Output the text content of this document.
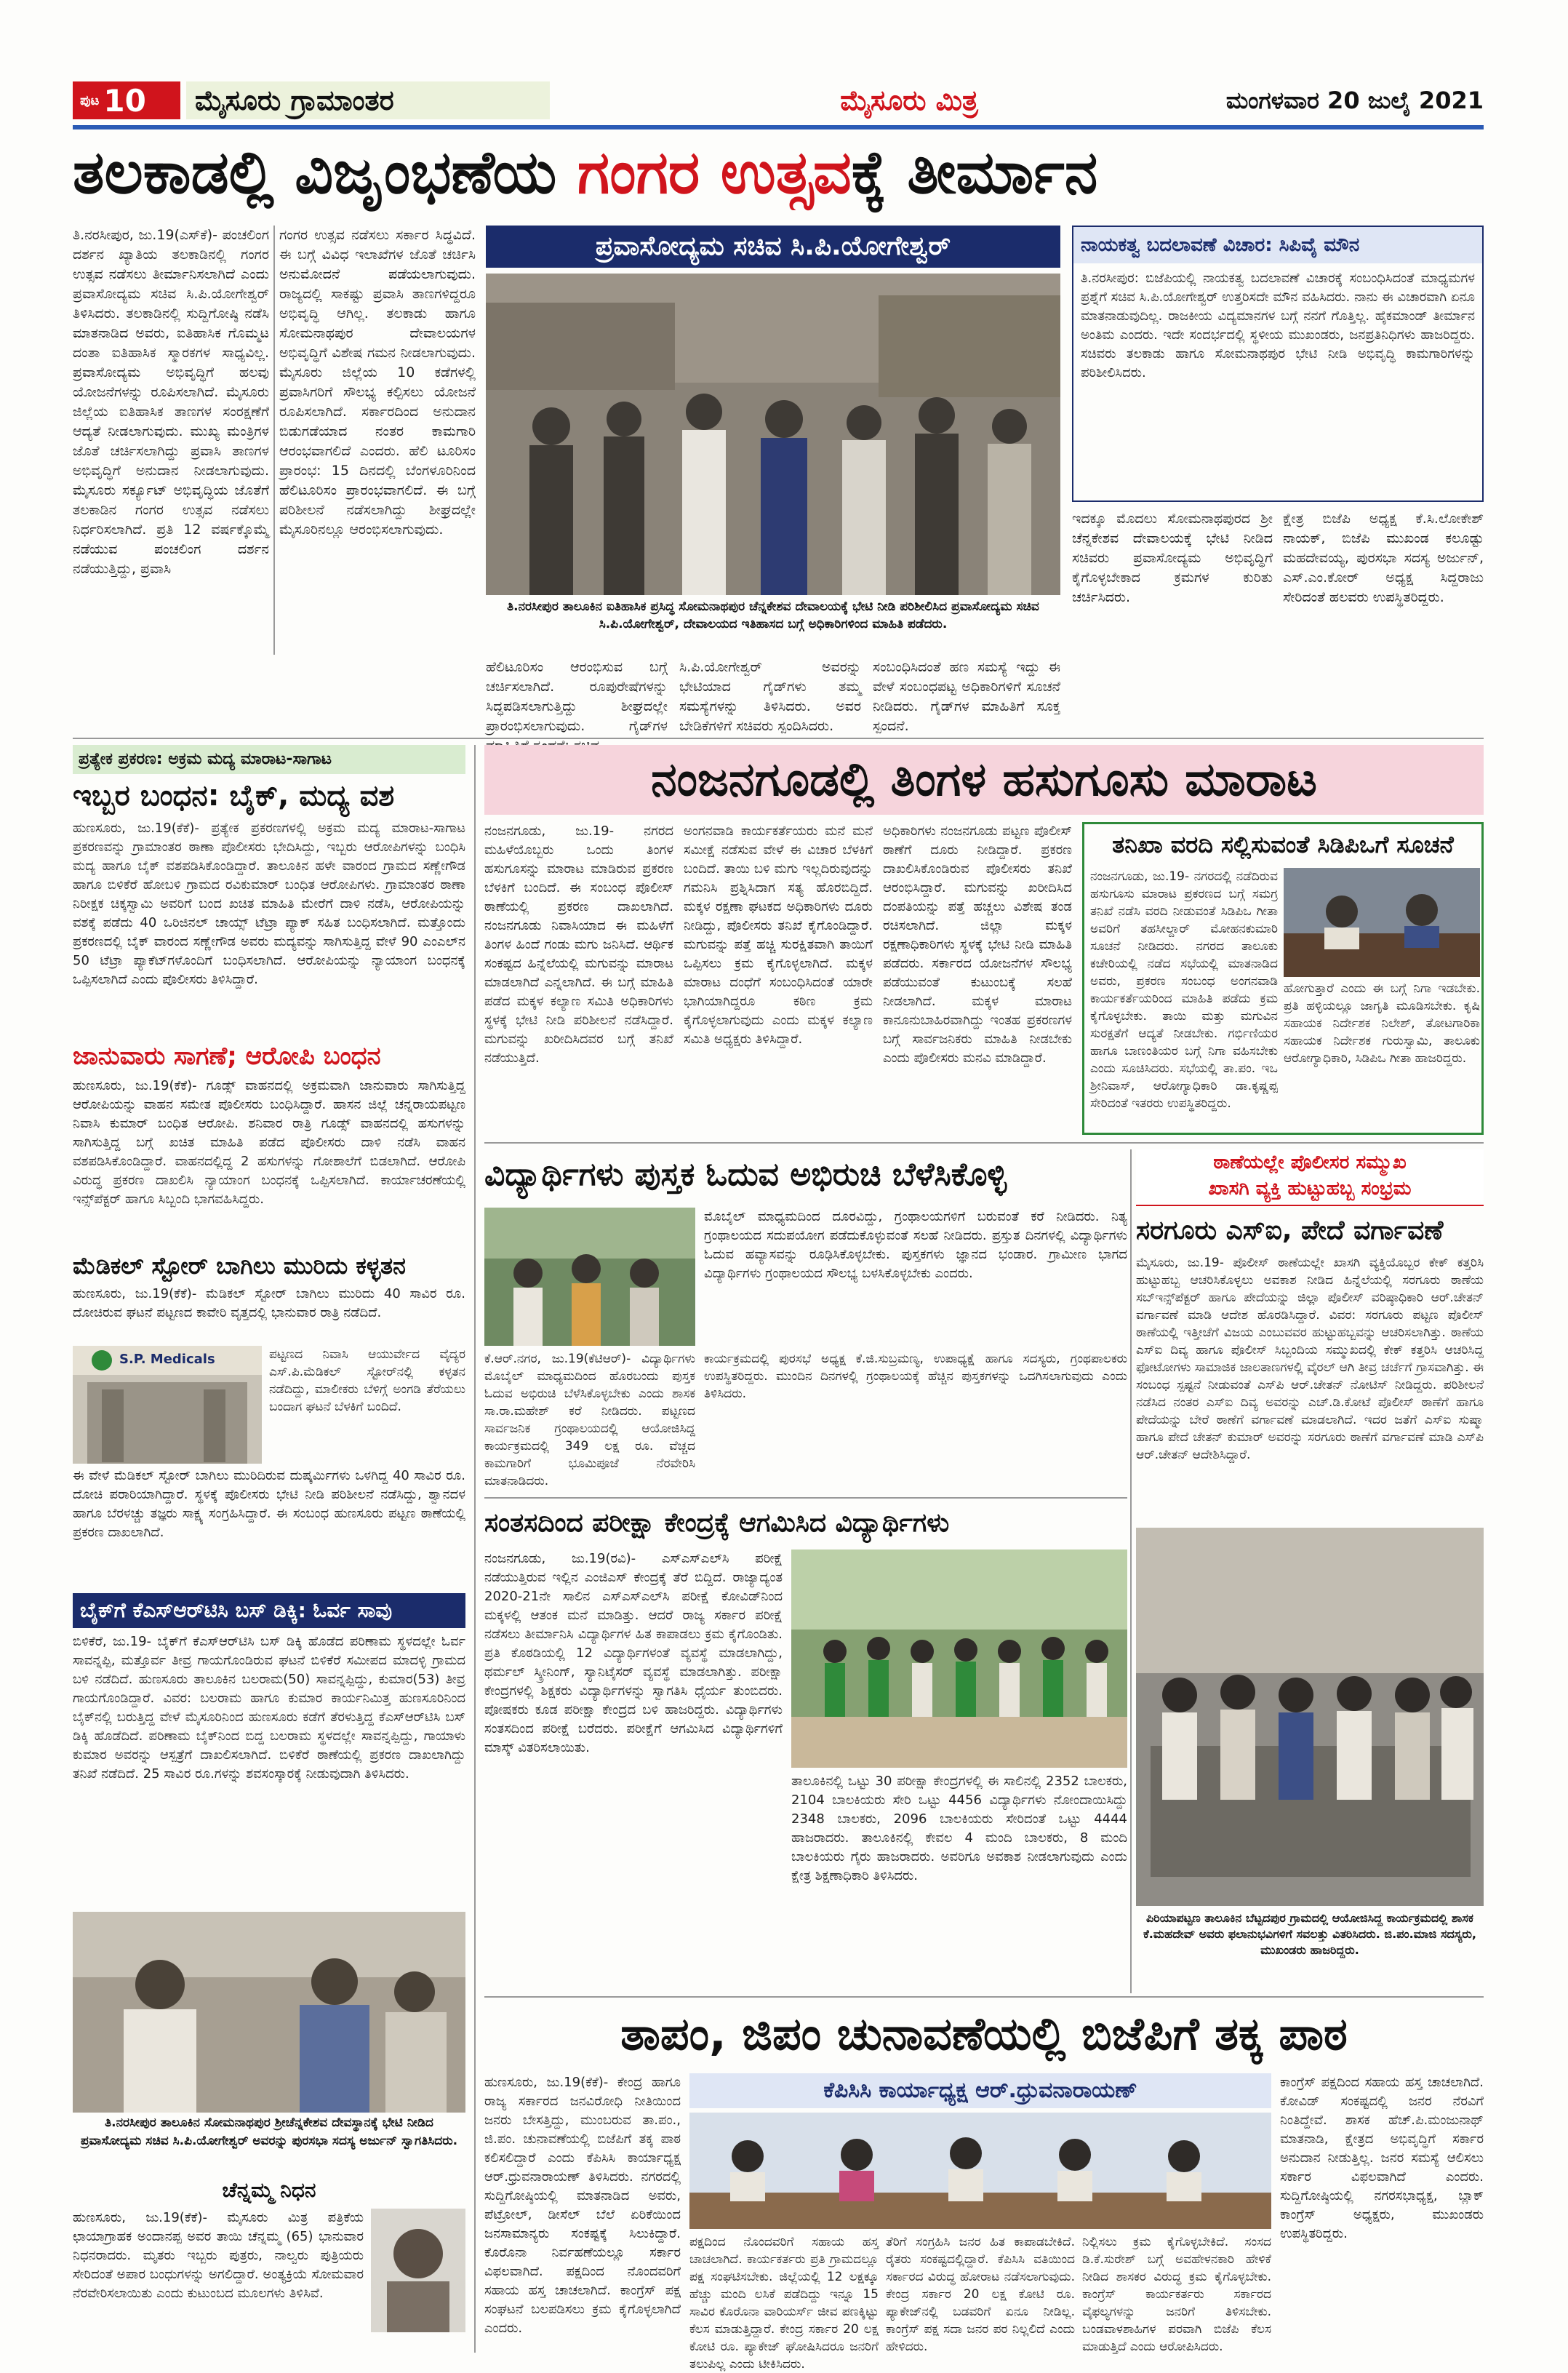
ಪುಟ 10	ಮೈಸೂರು ಗ್ರಾಮಾಂತರ	ಮೈಸೂರು ಮಿತ್ರ	ಮಂಗಳವಾರ 20 ಜುಲೈ 2021
ತಲಕಾಡಲ್ಲಿ ವಿಜೃಂಭಣೆಯ ಗಂಗರ ಉತ್ಸವಕ್ಕೆ ತೀರ್ಮಾನ
ತಿ.ನರಸೀಪುರ, ಜು.19(ಎಸ್‌ಕೆ)- ಪಂಚಲಿಂಗ ದರ್ಶನ ಖ್ಯಾತಿಯ ತಲಕಾಡಿನಲ್ಲಿ ಗಂಗರ ಉತ್ಸವ ನಡೆಸಲು ತೀರ್ಮಾನಿಸಲಾಗಿದೆ ಎಂದು ಪ್ರವಾಸೋದ್ಯಮ ಸಚಿವ ಸಿ.ಪಿ.ಯೋಗೇಶ್ವರ್ ತಿಳಿಸಿದರು. ತಲಕಾಡಿನಲ್ಲಿ ಸುದ್ದಿಗೋಷ್ಠಿ ನಡೆಸಿ ಮಾತನಾಡಿದ ಅವರು, ಐತಿಹಾಸಿಕ ಗೊಮ್ಮಟ ದಂತಾ ಐತಿಹಾಸಿಕ ಸ್ಮಾರಕಗಳ ಸಾಧ್ಯವಿಲ್ಲ. ಪ್ರವಾಸೋದ್ಯಮ ಅಭಿವೃದ್ಧಿಗೆ ಹಲವು ಯೋಜನೆಗಳನ್ನು ರೂಪಿಸಲಾಗಿದೆ. ಮೈಸೂರು ಜಿಲ್ಲೆಯ ಐತಿಹಾಸಿಕ ತಾಣಗಳ ಸಂರಕ್ಷಣೆಗೆ ಆದ್ಯತೆ ನೀಡಲಾಗುವುದು. ಮುಖ್ಯ ಮಂತ್ರಿಗಳ ಜೊತೆ ಚರ್ಚಿಸಲಾಗಿದ್ದು ಪ್ರವಾಸಿ ತಾಣಗಳ ಅಭಿವೃದ್ಧಿಗೆ ಅನುದಾನ ನೀಡಲಾಗುವುದು. ಮೈಸೂರು ಸರ್ಕ್ಯೂಟ್ ಅಭಿವೃದ್ಧಿಯ ಜೊತೆಗೆ ತಲಕಾಡಿನ ಗಂಗರ ಉತ್ಸವ ನಡೆಸಲು ನಿರ್ಧರಿಸಲಾಗಿದೆ. ಪ್ರತಿ 12 ವರ್ಷಕ್ಕೊಮ್ಮೆ ನಡೆಯುವ ಪಂಚಲಿಂಗ ದರ್ಶನ ನಡೆಯುತ್ತಿದ್ದು, ಪ್ರವಾಸಿ
ಗಂಗರ ಉತ್ಸವ ನಡೆಸಲು ಸರ್ಕಾರ ಸಿದ್ಧವಿದೆ. ಈ ಬಗ್ಗೆ ವಿವಿಧ ಇಲಾಖೆಗಳ ಜೊತೆ ಚರ್ಚಿಸಿ ಅನುಮೋದನೆ ಪಡೆಯಲಾಗುವುದು. ರಾಜ್ಯದಲ್ಲಿ ಸಾಕಷ್ಟು ಪ್ರವಾಸಿ ತಾಣಗಳಿದ್ದರೂ ಅಭಿವೃದ್ಧಿ ಆಗಿಲ್ಲ. ತಲಕಾಡು ಹಾಗೂ ಸೋಮನಾಥಪುರ ದೇವಾಲಯಗಳ ಅಭಿವೃದ್ಧಿಗೆ ವಿಶೇಷ ಗಮನ ನೀಡಲಾಗುವುದು. ಮೈಸೂರು ಜಿಲ್ಲೆಯ 10 ಕಡೆಗಳಲ್ಲಿ ಪ್ರವಾಸಿಗರಿಗೆ ಸೌಲಭ್ಯ ಕಲ್ಪಿಸಲು ಯೋಜನೆ ರೂಪಿಸಲಾಗಿದೆ. ಸರ್ಕಾರದಿಂದ ಅನುದಾನ ಬಿಡುಗಡೆಯಾದ ನಂತರ ಕಾಮಗಾರಿ ಆರಂಭವಾಗಲಿದೆ ಎಂದರು. ಹೆಲಿ ಟೂರಿಸಂ ಪ್ರಾರಂಭ: 15 ದಿನದಲ್ಲಿ ಬೆಂಗಳೂರಿನಿಂದ ಹೆಲಿಟೂರಿಸಂ ಪ್ರಾರಂಭವಾಗಲಿದೆ. ಈ ಬಗ್ಗೆ ಪರಿಶೀಲನೆ ನಡೆಸಲಾಗಿದ್ದು ಶೀಘ್ರದಲ್ಲೇ ಮೈಸೂರಿನಲ್ಲೂ ಆರಂಭಿಸಲಾಗುವುದು.
ಪ್ರವಾಸೋದ್ಯಮ ಸಚಿವ ಸಿ.ಪಿ.ಯೋಗೇಶ್ವರ್
ತಿ.ನರಸೀಪುರ ತಾಲೂಕಿನ ಐತಿಹಾಸಿಕ ಪ್ರಸಿದ್ಧ ಸೋಮನಾಥಪುರ ಚೆನ್ನಕೇಶವ ದೇವಾಲಯಕ್ಕೆ ಭೇಟಿ ನೀಡಿ ಪರಿಶೀಲಿಸಿದ ಪ್ರವಾಸೋದ್ಯಮ ಸಚಿವ ಸಿ.ಪಿ.ಯೋಗೇಶ್ವರ್, ದೇವಾಲಯದ ಇತಿಹಾಸದ ಬಗ್ಗೆ ಅಧಿಕಾರಿಗಳಿಂದ ಮಾಹಿತಿ ಪಡೆದರು.
ಹೆಲಿಟೂರಿಸಂ ಆರಂಭಿಸುವ ಬಗ್ಗೆ ಚರ್ಚಿಸಲಾಗಿದೆ. ರೂಪುರೇಷೆಗಳನ್ನು ಸಿದ್ಧಪಡಿಸಲಾಗುತ್ತಿದ್ದು ಶೀಘ್ರದಲ್ಲೇ ಪ್ರಾರಂಭಿಸಲಾಗುವುದು. ಗೈಡ್‌ಗಳ
ಸಿ.ಪಿ.ಯೋಗೇಶ್ವರ್ ಅವರನ್ನು ಭೇಟಿಯಾದ ಗೈಡ್‌ಗಳು ತಮ್ಮ ಸಮಸ್ಯೆಗಳನ್ನು ತಿಳಿಸಿದರು. ಅವರ ಬೇಡಿಕೆಗಳಿಗೆ ಸಚಿವರು ಸ್ಪಂದಿಸಿದರು.
ಸಂಬಂಧಿಸಿದಂತೆ ಹಣ ಸಮಸ್ಯೆ ಇದ್ದು ಈ ವೇಳೆ ಸಂಬಂಧಪಟ್ಟ ಅಧಿಕಾರಿಗಳಿಗೆ ಸೂಚನೆ ನೀಡಿದರು. ಗೈಡ್‌ಗಳ ಮಾಹಿತಿಗೆ ಸೂಕ್ತ ಸ್ಪಂದನೆ.
ನಾಯಕತ್ವ ಬದಲಾವಣೆ ವಿಚಾರ: ಸಿಪಿವೈ ಮೌನ
ತಿ.ನರಸೀಪುರ: ಬಿಜೆಪಿಯಲ್ಲಿ ನಾಯಕತ್ವ ಬದಲಾವಣೆ ವಿಚಾರಕ್ಕೆ ಸಂಬಂಧಿಸಿದಂತೆ ಮಾಧ್ಯಮಗಳ ಪ್ರಶ್ನೆಗೆ ಸಚಿವ ಸಿ.ಪಿ.ಯೋಗೇಶ್ವರ್ ಉತ್ತರಿಸದೇ ಮೌನ ವಹಿಸಿದರು. ನಾನು ಈ ವಿಚಾರವಾಗಿ ಏನೂ ಮಾತನಾಡುವುದಿಲ್ಲ. ರಾಜಕೀಯ ವಿದ್ಯಮಾನಗಳ ಬಗ್ಗೆ ನನಗೆ ಗೊತ್ತಿಲ್ಲ. ಹೈಕಮಾಂಡ್ ತೀರ್ಮಾನ ಅಂತಿಮ ಎಂದರು. ಇದೇ ಸಂದರ್ಭದಲ್ಲಿ ಸ್ಥಳೀಯ ಮುಖಂಡರು, ಜನಪ್ರತಿನಿಧಿಗಳು ಹಾಜರಿದ್ದರು. ಸಚಿವರು ತಲಕಾಡು ಹಾಗೂ ಸೋಮನಾಥಪುರ ಭೇಟಿ ನೀಡಿ ಅಭಿವೃದ್ಧಿ ಕಾಮಗಾರಿಗಳನ್ನು ಪರಿಶೀಲಿಸಿದರು.
ಇದಕ್ಕೂ ಮೊದಲು ಸೋಮನಾಥಪುರದ ಶ್ರೀ ಚೆನ್ನಕೇಶವ ದೇವಾಲಯಕ್ಕೆ ಭೇಟಿ ನೀಡಿದ ಸಚಿವರು ಪ್ರವಾಸೋದ್ಯಮ ಅಭಿವೃದ್ಧಿಗೆ ಕೈಗೊಳ್ಳಬೇಕಾದ ಕ್ರಮಗಳ ಕುರಿತು ಚರ್ಚಿಸಿದರು.
ಕ್ಷೇತ್ರ ಬಿಜೆಪಿ ಅಧ್ಯಕ್ಷ ಕೆ.ಸಿ.ಲೋಕೇಶ್ ನಾಯಕ್, ಬಿಜೆಪಿ ಮುಖಂಡ ಕಲೂಡ್ಟು ಮಹದೇವಯ್ಯ, ಪುರಸಭಾ ಸದಸ್ಯ ಅರ್ಜುನ್, ಎಸ್.ಎಂ.ಕೋರ್ ಅಧ್ಯಕ್ಷ ಸಿದ್ದರಾಜು ಸೇರಿದಂತೆ ಹಲವರು ಉಪಸ್ಥಿತರಿದ್ದರು.
ಪ್ರತ್ಯೇಕ ಪ್ರಕರಣ: ಅಕ್ರಮ ಮದ್ಯ ಮಾರಾಟ-ಸಾಗಾಟ
ಇಬ್ಬರ ಬಂಧನ: ಬೈಕ್, ಮದ್ಯ ವಶ
ಹುಣಸೂರು, ಜು.19(ಕೆಕೆ)- ಪ್ರತ್ಯೇಕ ಪ್ರಕರಣಗಳಲ್ಲಿ ಅಕ್ರಮ ಮದ್ಯ ಮಾರಾಟ-ಸಾಗಾಟ ಪ್ರಕರಣವನ್ನು ಗ್ರಾಮಾಂತರ ಠಾಣಾ ಪೊಲೀಸರು ಭೇದಿಸಿದ್ದು, ಇಬ್ಬರು ಆರೋಪಿಗಳನ್ನು ಬಂಧಿಸಿ ಮದ್ಯ ಹಾಗೂ ಬೈಕ್ ವಶಪಡಿಸಿಕೊಂಡಿದ್ದಾರೆ. ತಾಲೂಕಿನ ಹಳೇ ವಾರಂದ ಗ್ರಾಮದ ಸಣ್ಣೇಗೌಡ ಹಾಗೂ ಬಿಳಿಕೆರೆ ಹೋಬಳಿ ಗ್ರಾಮದ ರವಿಕುಮಾರ್ ಬಂಧಿತ ಆರೋಪಿಗಳು. ಗ್ರಾಮಾಂತರ ಠಾಣಾ ನಿರೀಕ್ಷಕ ಚಿಕ್ಕಸ್ವಾಮಿ ಅವರಿಗೆ ಬಂದ ಖಚಿತ ಮಾಹಿತಿ ಮೇರೆಗೆ ದಾಳಿ ನಡೆಸಿ, ಆರೋಪಿಯನ್ನು ವಶಕ್ಕೆ ಪಡೆದು 40 ಒರಿಜಿನಲ್ ಚಾಯ್ಸ್ ಟೆಟ್ರಾ ಪ್ಯಾಕ್ ಸಹಿತ ಬಂಧಿಸಲಾಗಿದೆ. ಮತ್ತೊಂದು ಪ್ರಕರಣದಲ್ಲಿ ಬೈಕ್ ವಾರಂದ ಸಣ್ಣೇಗೌಡ ಅವರು ಮದ್ಯವನ್ನು ಸಾಗಿಸುತ್ತಿದ್ದ ವೇಳೆ 90 ಎಂಎಲ್‌ನ 50 ಟೆಟ್ರಾ ಪ್ಯಾಕೆಟ್‌ಗಳೊಂದಿಗೆ ಬಂಧಿಸಲಾಗಿದೆ. ಆರೋಪಿಯನ್ನು ನ್ಯಾಯಾಂಗ ಬಂಧನಕ್ಕೆ ಒಪ್ಪಿಸಲಾಗಿದೆ ಎಂದು ಪೊಲೀಸರು ತಿಳಿಸಿದ್ದಾರೆ.
ಜಾನುವಾರು ಸಾಗಣೆ; ಆರೋಪಿ ಬಂಧನ
ಹುಣಸೂರು, ಜು.19(ಕೆಕೆ)- ಗೂಡ್ಸ್ ವಾಹನದಲ್ಲಿ ಅಕ್ರಮವಾಗಿ ಜಾನುವಾರು ಸಾಗಿಸುತ್ತಿದ್ದ ಆರೋಪಿಯನ್ನು ವಾಹನ ಸಮೇತ ಪೊಲೀಸರು ಬಂಧಿಸಿದ್ದಾರೆ. ಹಾಸನ ಜಿಲ್ಲೆ ಚನ್ನರಾಯಪಟ್ಟಣ ನಿವಾಸಿ ಕುಮಾರ್ ಬಂಧಿತ ಆರೋಪಿ. ಶನಿವಾರ ರಾತ್ರಿ ಗೂಡ್ಸ್ ವಾಹನದಲ್ಲಿ ಹಸುಗಳನ್ನು ಸಾಗಿಸುತ್ತಿದ್ದ ಬಗ್ಗೆ ಖಚಿತ ಮಾಹಿತಿ ಪಡೆದ ಪೊಲೀಸರು ದಾಳಿ ನಡೆಸಿ ವಾಹನ ವಶಪಡಿಸಿಕೊಂಡಿದ್ದಾರೆ. ವಾಹನದಲ್ಲಿದ್ದ 2 ಹಸುಗಳನ್ನು ಗೋಶಾಲೆಗೆ ಬಿಡಲಾಗಿದೆ. ಆರೋಪಿ ವಿರುದ್ಧ ಪ್ರಕರಣ ದಾಖಲಿಸಿ ನ್ಯಾಯಾಂಗ ಬಂಧನಕ್ಕೆ ಒಪ್ಪಿಸಲಾಗಿದೆ. ಕಾರ್ಯಾಚರಣೆಯಲ್ಲಿ ಇನ್ಸ್‌ಪೆಕ್ಟರ್ ಹಾಗೂ ಸಿಬ್ಬಂದಿ ಭಾಗವಹಿಸಿದ್ದರು.
ಮೆಡಿಕಲ್ ಸ್ಟೋರ್ ಬಾಗಿಲು ಮುರಿದು ಕಳ್ಳತನ
ಹುಣಸೂರು, ಜು.19(ಕೆಕೆ)- ಮೆಡಿಕಲ್ ಸ್ಟೋರ್ ಬಾಗಿಲು ಮುರಿದು 40 ಸಾವಿರ ರೂ. ದೋಚಿರುವ ಘಟನೆ ಪಟ್ಟಣದ ಕಾವೇರಿ ವೃತ್ತದಲ್ಲಿ ಭಾನುವಾರ ರಾತ್ರಿ ನಡೆದಿದೆ.
S.P. Medicals	ಪಟ್ಟಣದ ನಿವಾಸಿ ಆಯುರ್ವೇದ ವೈದ್ಯರ ಎಸ್.ಪಿ.ಮೆಡಿಕಲ್ ಸ್ಟೋರ್‌ನಲ್ಲಿ ಕಳ್ಳತನ ನಡೆದಿದ್ದು, ಮಾಲೀಕರು ಬೆಳಿಗ್ಗೆ ಅಂಗಡಿ ತೆರೆಯಲು ಬಂದಾಗ ಘಟನೆ ಬೆಳಕಿಗೆ ಬಂದಿದೆ.
ಈ ವೇಳೆ ಮೆಡಿಕಲ್ ಸ್ಟೋರ್ ಬಾಗಿಲು ಮುರಿದಿರುವ ದುಷ್ಕರ್ಮಿಗಳು ಒಳಗಿದ್ದ 40 ಸಾವಿರ ರೂ. ದೋಚಿ ಪರಾರಿಯಾಗಿದ್ದಾರೆ. ಸ್ಥಳಕ್ಕೆ ಪೊಲೀಸರು ಭೇಟಿ ನೀಡಿ ಪರಿಶೀಲನೆ ನಡೆಸಿದ್ದು, ಶ್ವಾನದಳ ಹಾಗೂ ಬೆರಳಚ್ಚು ತಜ್ಞರು ಸಾಕ್ಷ್ಯ ಸಂಗ್ರಹಿಸಿದ್ದಾರೆ. ಈ ಸಂಬಂಧ ಹುಣಸೂರು ಪಟ್ಟಣ ಠಾಣೆಯಲ್ಲಿ ಪ್ರಕರಣ ದಾಖಲಾಗಿದೆ.
ಬೈಕ್‌ಗೆ ಕೆಎಸ್‌ಆರ್‌ಟಿಸಿ ಬಸ್ ಡಿಕ್ಕಿ: ಓರ್ವ ಸಾವು
ಬಿಳಿಕೆರೆ, ಜು.19- ಬೈಕ್‌ಗೆ ಕೆಎಸ್‌ಆರ್‌ಟಿಸಿ ಬಸ್ ಡಿಕ್ಕಿ ಹೊಡೆದ ಪರಿಣಾಮ ಸ್ಥಳದಲ್ಲೇ ಓರ್ವ ಸಾವನ್ನಪ್ಪಿ, ಮತ್ತೊರ್ವ ತೀವ್ರ ಗಾಯಗೊಂಡಿರುವ ಘಟನೆ ಬಿಳಿಕೆರೆ ಸಮೀಪದ ಮಾದಳ್ಳಿ ಗ್ರಾಮದ ಬಳಿ ನಡೆದಿದೆ. ಹುಣಸೂರು ತಾಲೂಕಿನ ಬಲರಾಮ(50) ಸಾವನ್ನಪ್ಪಿದ್ದು, ಕುಮಾರ(53) ತೀವ್ರ ಗಾಯಗೊಂಡಿದ್ದಾರೆ. ವಿವರ: ಬಲರಾಮ ಹಾಗೂ ಕುಮಾರ ಕಾರ್ಯನಿಮಿತ್ತ ಹುಣಸೂರಿನಿಂದ ಬೈಕ್‌ನಲ್ಲಿ ಬರುತ್ತಿದ್ದ ವೇಳೆ ಮೈಸೂರಿನಿಂದ ಹುಣಸೂರು ಕಡೆಗೆ ತೆರಳುತ್ತಿದ್ದ ಕೆಎಸ್‌ಆರ್‌ಟಿಸಿ ಬಸ್ ಡಿಕ್ಕಿ ಹೊಡೆದಿದೆ. ಪರಿಣಾಮ ಬೈಕ್‌ನಿಂದ ಬಿದ್ದ ಬಲರಾಮ ಸ್ಥಳದಲ್ಲೇ ಸಾವನ್ನಪ್ಪಿದ್ದು, ಗಾಯಾಳು ಕುಮಾರ ಅವರನ್ನು ಆಸ್ಪತ್ರೆಗೆ ದಾಖಲಿಸಲಾಗಿದೆ. ಬಿಳಿಕೆರೆ ಠಾಣೆಯಲ್ಲಿ ಪ್ರಕರಣ ದಾಖಲಾಗಿದ್ದು ತನಿಖೆ ನಡೆದಿದೆ. 25 ಸಾವಿರ ರೂ.ಗಳನ್ನು ಶವಸಂಸ್ಕಾರಕ್ಕೆ ನೀಡುವುದಾಗಿ ತಿಳಿಸಿದರು.
ತಿ.ನರಸೀಪುರ ತಾಲೂಕಿನ ಸೋಮನಾಥಪುರ ಶ್ರೀಚೆನ್ನಕೇಶವ ದೇವಸ್ಥಾನಕ್ಕೆ ಭೇಟಿ ನೀಡಿದ ಪ್ರವಾಸೋದ್ಯಮ ಸಚಿವ ಸಿ.ಪಿ.ಯೋಗೇಶ್ವರ್ ಅವರನ್ನು ಪುರಸಭಾ ಸದಸ್ಯ ಅರ್ಜುನ್ ಸ್ವಾಗತಿಸಿದರು.
ಚೆನ್ನಮ್ಮ ನಿಧನ
ಹುಣಸೂರು, ಜು.19(ಕೆಕೆ)- ಮೈಸೂರು ಮಿತ್ರ ಪತ್ರಿಕೆಯ ಛಾಯಾಗ್ರಾಹಕ ಅಂದಾನಪ್ಪ ಅವರ ತಾಯಿ ಚೆನ್ನಮ್ಮ (65) ಭಾನುವಾರ ನಿಧನರಾದರು. ಮೃತರು ಇಬ್ಬರು ಪುತ್ರರು, ನಾಲ್ವರು ಪುತ್ರಿಯರು ಸೇರಿದಂತೆ ಅಪಾರ ಬಂಧುಗಳನ್ನು ಅಗಲಿದ್ದಾರೆ. ಅಂತ್ಯಕ್ರಿಯೆ ಸೋಮವಾರ ನೆರವೇರಿಸಲಾಯಿತು ಎಂದು ಕುಟುಂಬದ ಮೂಲಗಳು ತಿಳಿಸಿವೆ.
ನಂಜನಗೂಡಲ್ಲಿ ತಿಂಗಳ ಹಸುಗೂಸು ಮಾರಾಟ
ನಂಜನಗೂಡು, ಜು.19- ನಗರದ ಮಹಿಳೆಯೊಬ್ಬರು ಒಂದು ತಿಂಗಳ ಹಸುಗೂಸನ್ನು ಮಾರಾಟ ಮಾಡಿರುವ ಪ್ರಕರಣ ಬೆಳಕಿಗೆ ಬಂದಿದೆ. ಈ ಸಂಬಂಧ ಪೊಲೀಸ್ ಠಾಣೆಯಲ್ಲಿ ಪ್ರಕರಣ ದಾಖಲಾಗಿದೆ. ನಂಜನಗೂಡು ನಿವಾಸಿಯಾದ ಈ ಮಹಿಳೆಗೆ ತಿಂಗಳ ಹಿಂದೆ ಗಂಡು ಮಗು ಜನಿಸಿದೆ. ಆರ್ಥಿಕ ಸಂಕಷ್ಟದ ಹಿನ್ನೆಲೆಯಲ್ಲಿ ಮಗುವನ್ನು ಮಾರಾಟ ಮಾಡಲಾಗಿದೆ ಎನ್ನಲಾಗಿದೆ. ಈ ಬಗ್ಗೆ ಮಾಹಿತಿ ಪಡೆದ ಮಕ್ಕಳ ಕಲ್ಯಾಣ ಸಮಿತಿ ಅಧಿಕಾರಿಗಳು ಸ್ಥಳಕ್ಕೆ ಭೇಟಿ ನೀಡಿ ಪರಿಶೀಲನೆ ನಡೆಸಿದ್ದಾರೆ. ಮಗುವನ್ನು ಖರೀದಿಸಿದವರ ಬಗ್ಗೆ ತನಿಖೆ ನಡೆಯುತ್ತಿದೆ.
ಅಂಗನವಾಡಿ ಕಾರ್ಯಕರ್ತೆಯರು ಮನೆ ಮನೆ ಸಮೀಕ್ಷೆ ನಡೆಸುವ ವೇಳೆ ಈ ವಿಚಾರ ಬೆಳಕಿಗೆ ಬಂದಿದೆ. ತಾಯಿ ಬಳಿ ಮಗು ಇಲ್ಲದಿರುವುದನ್ನು ಗಮನಿಸಿ ಪ್ರಶ್ನಿಸಿದಾಗ ಸತ್ಯ ಹೊರಬಿದ್ದಿದೆ. ಮಕ್ಕಳ ರಕ್ಷಣಾ ಘಟಕದ ಅಧಿಕಾರಿಗಳು ದೂರು ನೀಡಿದ್ದು, ಪೊಲೀಸರು ತನಿಖೆ ಕೈಗೊಂಡಿದ್ದಾರೆ. ಮಗುವನ್ನು ಪತ್ತೆ ಹಚ್ಚಿ ಸುರಕ್ಷಿತವಾಗಿ ತಾಯಿಗೆ ಒಪ್ಪಿಸಲು ಕ್ರಮ ಕೈಗೊಳ್ಳಲಾಗಿದೆ. ಮಕ್ಕಳ ಮಾರಾಟ ದಂಧೆಗೆ ಸಂಬಂಧಿಸಿದಂತೆ ಯಾರೇ ಭಾಗಿಯಾಗಿದ್ದರೂ ಕಠಿಣ ಕ್ರಮ ಕೈಗೊಳ್ಳಲಾಗುವುದು ಎಂದು ಮಕ್ಕಳ ಕಲ್ಯಾಣ ಸಮಿತಿ ಅಧ್ಯಕ್ಷರು ತಿಳಿಸಿದ್ದಾರೆ.
ಅಧಿಕಾರಿಗಳು ನಂಜನಗೂಡು ಪಟ್ಟಣ ಪೊಲೀಸ್ ಠಾಣೆಗೆ ದೂರು ನೀಡಿದ್ದಾರೆ. ಪ್ರಕರಣ ದಾಖಲಿಸಿಕೊಂಡಿರುವ ಪೊಲೀಸರು ತನಿಖೆ ಆರಂಭಿಸಿದ್ದಾರೆ. ಮಗುವನ್ನು ಖರೀದಿಸಿದ ದಂಪತಿಯನ್ನು ಪತ್ತೆ ಹಚ್ಚಲು ವಿಶೇಷ ತಂಡ ರಚಿಸಲಾಗಿದೆ. ಜಿಲ್ಲಾ ಮಕ್ಕಳ ರಕ್ಷಣಾಧಿಕಾರಿಗಳು ಸ್ಥಳಕ್ಕೆ ಭೇಟಿ ನೀಡಿ ಮಾಹಿತಿ ಪಡೆದರು. ಸರ್ಕಾರದ ಯೋಜನೆಗಳ ಸೌಲಭ್ಯ ಪಡೆಯುವಂತೆ ಕುಟುಂಬಕ್ಕೆ ಸಲಹೆ ನೀಡಲಾಗಿದೆ. ಮಕ್ಕಳ ಮಾರಾಟ ಕಾನೂನುಬಾಹಿರವಾಗಿದ್ದು ಇಂತಹ ಪ್ರಕರಣಗಳ ಬಗ್ಗೆ ಸಾರ್ವಜನಿಕರು ಮಾಹಿತಿ ನೀಡಬೇಕು ಎಂದು ಪೊಲೀಸರು ಮನವಿ ಮಾಡಿದ್ದಾರೆ.
ತನಿಖಾ ವರದಿ ಸಲ್ಲಿಸುವಂತೆ ಸಿಡಿಪಿಒಗೆ ಸೂಚನೆ
ನಂಜನಗೂಡು, ಜು.19- ನಗರದಲ್ಲಿ ನಡೆದಿರುವ ಹಸುಗೂಸು ಮಾರಾಟ ಪ್ರಕರಣದ ಬಗ್ಗೆ ಸಮಗ್ರ ತನಿಖೆ ನಡೆಸಿ ವರದಿ ನೀಡುವಂತೆ ಸಿಡಿಪಿಒ ಗೀತಾ ಅವರಿಗೆ ತಹಸೀಲ್ದಾರ್ ಮೋಹನಕುಮಾರಿ ಸೂಚನೆ ನೀಡಿದರು. ನಗರದ ತಾಲೂಕು ಕಚೇರಿಯಲ್ಲಿ ನಡೆದ ಸಭೆಯಲ್ಲಿ ಮಾತನಾಡಿದ ಅವರು, ಪ್ರಕರಣ ಸಂಬಂಧ ಅಂಗನವಾಡಿ ಕಾರ್ಯಕರ್ತೆಯರಿಂದ ಮಾಹಿತಿ ಪಡೆದು ಕ್ರಮ ಕೈಗೊಳ್ಳಬೇಕು. ತಾಯಿ ಮತ್ತು ಮಗುವಿನ ಸುರಕ್ಷತೆಗೆ ಆದ್ಯತೆ ನೀಡಬೇಕು. ಗರ್ಭಿಣಿಯರ ಹಾಗೂ ಬಾಣಂತಿಯರ ಬಗ್ಗೆ ನಿಗಾ ವಹಿಸಬೇಕು ಎಂದು ಸೂಚಿಸಿದರು. ಸಭೆಯಲ್ಲಿ ತಾ.ಪಂ. ಇಒ ಶ್ರೀನಿವಾಸ್, ಆರೋಗ್ಯಾಧಿಕಾರಿ ಡಾ.ಕೃಷ್ಣಪ್ಪ ಸೇರಿದಂತೆ ಇತರರು ಉಪಸ್ಥಿತರಿದ್ದರು.
ಹೋಗುತ್ತಾರೆ ಎಂದು ಈ ಬಗ್ಗೆ ನಿಗಾ ಇಡಬೇಕು. ಪ್ರತಿ ಹಳ್ಳಿಯಲ್ಲೂ ಜಾಗೃತಿ ಮೂಡಿಸಬೇಕು. ಕೃಷಿ ಸಹಾಯಕ ನಿರ್ದೇಶಕ ನಿಲೇಶ್, ತೋಟಗಾರಿಕಾ ಸಹಾಯಕ ನಿರ್ದೇಶಕ ಗುರುಸ್ವಾಮಿ, ತಾಲೂಕು ಆರೋಗ್ಯಾಧಿಕಾರಿ, ಸಿಡಿಪಿಒ ಗೀತಾ ಹಾಜರಿದ್ದರು.
ವಿದ್ಯಾರ್ಥಿಗಳು ಪುಸ್ತಕ ಓದುವ ಅಭಿರುಚಿ ಬೆಳೆಸಿಕೊಳ್ಳಿ
ಮೊಬೈಲ್ ಮಾಧ್ಯಮದಿಂದ ದೂರವಿದ್ದು, ಗ್ರಂಥಾಲಯಗಳಿಗೆ ಬರುವಂತೆ ಕರೆ ನೀಡಿದರು. ನಿತ್ಯ ಗ್ರಂಥಾಲಯದ ಸದುಪಯೋಗ ಪಡೆದುಕೊಳ್ಳುವಂತೆ ಸಲಹೆ ನೀಡಿದರು. ಪ್ರಸ್ತುತ ದಿನಗಳಲ್ಲಿ ವಿದ್ಯಾರ್ಥಿಗಳು ಓದುವ ಹವ್ಯಾಸವನ್ನು ರೂಢಿಸಿಕೊಳ್ಳಬೇಕು. ಪುಸ್ತಕಗಳು ಜ್ಞಾನದ ಭಂಡಾರ. ಗ್ರಾಮೀಣ ಭಾಗದ ವಿದ್ಯಾರ್ಥಿಗಳು ಗ್ರಂಥಾಲಯದ ಸೌಲಭ್ಯ ಬಳಸಿಕೊಳ್ಳಬೇಕು ಎಂದರು.
ಕೆ.ಆರ್.ನಗರ, ಜು.19(ಕೆಟಿಆರ್)- ವಿದ್ಯಾರ್ಥಿಗಳು ಮೊಬೈಲ್ ಮಾಧ್ಯಮದಿಂದ ಹೊರಬಂದು ಪುಸ್ತಕ ಓದುವ ಅಭಿರುಚಿ ಬೆಳೆಸಿಕೊಳ್ಳಬೇಕು ಎಂದು ಶಾಸಕ ಸಾ.ರಾ.ಮಹೇಶ್ ಕರೆ ನೀಡಿದರು. ಪಟ್ಟಣದ ಸಾರ್ವಜನಿಕ ಗ್ರಂಥಾಲಯದಲ್ಲಿ ಆಯೋಜಿಸಿದ್ದ ಕಾರ್ಯಕ್ರಮದಲ್ಲಿ 349 ಲಕ್ಷ ರೂ. ವೆಚ್ಚದ ಕಾಮಗಾರಿಗೆ ಭೂಮಿಪೂಜೆ ನೆರವೇರಿಸಿ ಮಾತನಾಡಿದರು.
ಕಾರ್ಯಕ್ರಮದಲ್ಲಿ ಪುರಸಭೆ ಅಧ್ಯಕ್ಷ ಕೆ.ಜಿ.ಸುಬ್ರಮಣ್ಯ, ಉಪಾಧ್ಯಕ್ಷೆ ಹಾಗೂ ಸದಸ್ಯರು, ಗ್ರಂಥಪಾಲಕರು ಉಪಸ್ಥಿತರಿದ್ದರು. ಮುಂದಿನ ದಿನಗಳಲ್ಲಿ ಗ್ರಂಥಾಲಯಕ್ಕೆ ಹೆಚ್ಚಿನ ಪುಸ್ತಕಗಳನ್ನು ಒದಗಿಸಲಾಗುವುದು ಎಂದು ತಿಳಿಸಿದರು.
ಠಾಣೆಯಲ್ಲೇ ಪೊಲೀಸರ ಸಮ್ಮುಖ
ಖಾಸಗಿ ವ್ಯಕ್ತಿ ಹುಟ್ಟುಹಬ್ಬ ಸಂಭ್ರಮ
ಸರಗೂರು ಎಸ್‌ಐ, ಪೇದೆ ವರ್ಗಾವಣೆ
ಮೈಸೂರು, ಜು.19- ಪೊಲೀಸ್ ಠಾಣೆಯಲ್ಲೇ ಖಾಸಗಿ ವ್ಯಕ್ತಿಯೊಬ್ಬರ ಕೇಕ್ ಕತ್ತರಿಸಿ ಹುಟ್ಟುಹಬ್ಬ ಆಚರಿಸಿಕೊಳ್ಳಲು ಅವಕಾಶ ನೀಡಿದ ಹಿನ್ನೆಲೆಯಲ್ಲಿ ಸರಗೂರು ಠಾಣೆಯ ಸಬ್‌ಇನ್ಸ್‌ಪೆಕ್ಟರ್ ಹಾಗೂ ಪೇದೆಯನ್ನು ಜಿಲ್ಲಾ ಪೊಲೀಸ್ ವರಿಷ್ಠಾಧಿಕಾರಿ ಆರ್.ಚೇತನ್ ವರ್ಗಾವಣೆ ಮಾಡಿ ಆದೇಶ ಹೊರಡಿಸಿದ್ದಾರೆ. ವಿವರ: ಸರಗೂರು ಪಟ್ಟಣ ಪೊಲೀಸ್ ಠಾಣೆಯಲ್ಲಿ ಇತ್ತೀಚೆಗೆ ವಿಜಯ ಎಂಬುವವರ ಹುಟ್ಟುಹಬ್ಬವನ್ನು ಆಚರಿಸಲಾಗಿತ್ತು. ಠಾಣೆಯ ಎಸ್‌ಐ ದಿವ್ಯ ಹಾಗೂ ಪೊಲೀಸ್ ಸಿಬ್ಬಂದಿಯ ಸಮ್ಮುಖದಲ್ಲಿ ಕೇಕ್ ಕತ್ತರಿಸಿ ಆಚರಿಸಿದ್ದ ಫೋಟೋಗಳು ಸಾಮಾಜಿಕ ಜಾಲತಾಣಗಳಲ್ಲಿ ವೈರಲ್ ಆಗಿ ತೀವ್ರ ಚರ್ಚೆಗೆ ಗ್ರಾಸವಾಗಿತ್ತು. ಈ ಸಂಬಂಧ ಸ್ಪಷ್ಟನೆ ನೀಡುವಂತೆ ಎಸ್‌ಪಿ ಆರ್.ಚೇತನ್ ನೋಟಿಸ್ ನೀಡಿದ್ದರು. ಪರಿಶೀಲನೆ ನಡೆಸಿದ ನಂತರ ಎಸ್‌ಐ ದಿವ್ಯ ಅವರನ್ನು ಎಚ್.ಡಿ.ಕೋಟೆ ಪೊಲೀಸ್ ಠಾಣೆಗೆ ಹಾಗೂ ಪೇದೆಯನ್ನು ಬೇರೆ ಠಾಣೆಗೆ ವರ್ಗಾವಣೆ ಮಾಡಲಾಗಿದೆ. ಇದರ ಜತೆಗೆ ಎಸ್‌ಐ ಸುಷ್ಮಾ ಹಾಗೂ ಪೇದೆ ಚೇತನ್ ಕುಮಾರ್ ಅವರನ್ನು ಸರಗೂರು ಠಾಣೆಗೆ ವರ್ಗಾವಣೆ ಮಾಡಿ ಎಸ್‌ಪಿ ಆರ್.ಚೇತನ್ ಆದೇಶಿಸಿದ್ದಾರೆ.
ಸಂತಸದಿಂದ ಪರೀಕ್ಷಾ ಕೇಂದ್ರಕ್ಕೆ ಆಗಮಿಸಿದ ವಿದ್ಯಾರ್ಥಿಗಳು
ನಂಜನಗೂಡು, ಜು.19(ರವಿ)- ಎಸ್‌ಎಸ್‌ಎಲ್‌ಸಿ ಪರೀಕ್ಷೆ ನಡೆಯುತ್ತಿರುವ ಇಲ್ಲಿನ ಎಂಜಿಎಸ್ ಕೇಂದ್ರಕ್ಕೆ ತೆರೆ ಬಿದ್ದಿದೆ. ರಾಜ್ಯಾದ್ಯಂತ 2020-21ನೇ ಸಾಲಿನ ಎಸ್‌ಎಸ್‌ಎಲ್‌ಸಿ ಪರೀಕ್ಷೆ ಕೋವಿಡ್‌ನಿಂದ ಮಕ್ಕಳಲ್ಲಿ ಆತಂಕ ಮನೆ ಮಾಡಿತ್ತು. ಆದರೆ ರಾಜ್ಯ ಸರ್ಕಾರ ಪರೀಕ್ಷೆ ನಡೆಸಲು ತೀರ್ಮಾನಿಸಿ ವಿದ್ಯಾರ್ಥಿಗಳ ಹಿತ ಕಾಪಾಡಲು ಕ್ರಮ ಕೈಗೊಂಡಿತು. ಪ್ರತಿ ಕೊಠಡಿಯಲ್ಲಿ 12 ವಿದ್ಯಾರ್ಥಿಗಳಂತೆ ವ್ಯವಸ್ಥೆ ಮಾಡಲಾಗಿದ್ದು, ಥರ್ಮಲ್ ಸ್ಕ್ರೀನಿಂಗ್, ಸ್ಯಾನಿಟೈಸರ್ ವ್ಯವಸ್ಥೆ ಮಾಡಲಾಗಿತ್ತು. ಪರೀಕ್ಷಾ ಕೇಂದ್ರಗಳಲ್ಲಿ ಶಿಕ್ಷಕರು ವಿದ್ಯಾರ್ಥಿಗಳನ್ನು ಸ್ವಾಗತಿಸಿ ಧೈರ್ಯ ತುಂಬಿದರು. ಪೋಷಕರು ಕೂಡ ಪರೀಕ್ಷಾ ಕೇಂದ್ರದ ಬಳಿ ಹಾಜರಿದ್ದರು. ವಿದ್ಯಾರ್ಥಿಗಳು ಸಂತಸದಿಂದ ಪರೀಕ್ಷೆ ಬರೆದರು. ಪರೀಕ್ಷೆಗೆ ಆಗಮಿಸಿದ ವಿದ್ಯಾರ್ಥಿಗಳಿಗೆ ಮಾಸ್ಕ್ ವಿತರಿಸಲಾಯಿತು.
ತಾಲೂಕಿನಲ್ಲಿ ಒಟ್ಟು 30 ಪರೀಕ್ಷಾ ಕೇಂದ್ರಗಳಲ್ಲಿ ಈ ಸಾಲಿನಲ್ಲಿ 2352 ಬಾಲಕರು, 2104 ಬಾಲಕಿಯರು ಸೇರಿ ಒಟ್ಟು 4456 ವಿದ್ಯಾರ್ಥಿಗಳು ನೋಂದಾಯಿಸಿದ್ದು 2348 ಬಾಲಕರು, 2096 ಬಾಲಕಿಯರು ಸೇರಿದಂತೆ ಒಟ್ಟು 4444 ಹಾಜರಾದರು. ತಾಲೂಕಿನಲ್ಲಿ ಕೇವಲ 4 ಮಂದಿ ಬಾಲಕರು, 8 ಮಂದಿ ಬಾಲಕಿಯರು ಗೈರು ಹಾಜರಾದರು. ಅವರಿಗೂ ಅವಕಾಶ ನೀಡಲಾಗುವುದು ಎಂದು ಕ್ಷೇತ್ರ ಶಿಕ್ಷಣಾಧಿಕಾರಿ ತಿಳಿಸಿದರು.
ಪಿರಿಯಾಪಟ್ಟಣ ತಾಲೂಕಿನ ಬೆಟ್ಟದಪುರ ಗ್ರಾಮದಲ್ಲಿ ಆಯೋಜಿಸಿದ್ದ ಕಾರ್ಯಕ್ರಮದಲ್ಲಿ ಶಾಸಕ ಕೆ.ಮಹದೇವ್ ಅವರು ಫಲಾನುಭವಿಗಳಿಗೆ ಸವಲತ್ತು ವಿತರಿಸಿದರು. ಜಿ.ಪಂ.ಮಾಜಿ ಸದಸ್ಯರು, ಮುಖಂಡರು ಹಾಜರಿದ್ದರು.
ತಾಪಂ, ಜಿಪಂ ಚುನಾವಣೆಯಲ್ಲಿ ಬಿಜೆಪಿಗೆ ತಕ್ಕ ಪಾಠ
ಹುಣಸೂರು, ಜು.19(ಕೆಕೆ)- ಕೇಂದ್ರ ಹಾಗೂ ರಾಜ್ಯ ಸರ್ಕಾರದ ಜನವಿರೋಧಿ ನೀತಿಯಿಂದ ಜನರು ಬೇಸತ್ತಿದ್ದು, ಮುಂಬರುವ ತಾ.ಪಂ., ಜಿ.ಪಂ. ಚುನಾವಣೆಯಲ್ಲಿ ಬಿಜೆಪಿಗೆ ತಕ್ಕ ಪಾಠ ಕಲಿಸಲಿದ್ದಾರೆ ಎಂದು ಕೆಪಿಸಿಸಿ ಕಾರ್ಯಾಧ್ಯಕ್ಷ ಆರ್.ಧ್ರುವನಾರಾಯಣ್ ತಿಳಿಸಿದರು. ನಗರದಲ್ಲಿ ಸುದ್ದಿಗೋಷ್ಠಿಯಲ್ಲಿ ಮಾತನಾಡಿದ ಅವರು, ಪೆಟ್ರೋಲ್, ಡೀಸೆಲ್ ಬೆಲೆ ಏರಿಕೆಯಿಂದ ಜನಸಾಮಾನ್ಯರು ಸಂಕಷ್ಟಕ್ಕೆ ಸಿಲುಕಿದ್ದಾರೆ. ಕೊರೊನಾ ನಿರ್ವಹಣೆಯಲ್ಲೂ ಸರ್ಕಾರ ವಿಫಲವಾಗಿದೆ. ಪಕ್ಷದಿಂದ ನೊಂದವರಿಗೆ ಸಹಾಯ ಹಸ್ತ ಚಾಚಲಾಗಿದೆ. ಕಾಂಗ್ರೆಸ್ ಪಕ್ಷ ಸಂಘಟನೆ ಬಲಪಡಿಸಲು ಕ್ರಮ ಕೈಗೊಳ್ಳಲಾಗಿದೆ ಎಂದರು.
ಕೆಪಿಸಿಸಿ ಕಾರ್ಯಾಧ್ಯಕ್ಷ ಆರ್.ಧ್ರುವನಾರಾಯಣ್
ಪಕ್ಷದಿಂದ ನೊಂದವರಿಗೆ ಸಹಾಯ ಹಸ್ತ ಚಾಚಲಾಗಿದೆ. ಕಾರ್ಯಕರ್ತರು ಪ್ರತಿ ಗ್ರಾಮದಲ್ಲೂ ಪಕ್ಷ ಸಂಘಟಿಸಬೇಕು. ಜಿಲ್ಲೆಯಲ್ಲಿ 12 ಲಕ್ಷಕ್ಕೂ ಹೆಚ್ಚು ಮಂದಿ ಲಸಿಕೆ ಪಡೆದಿದ್ದು ಇನ್ನೂ 15 ಸಾವಿರ ಕೊರೊನಾ ವಾರಿಯರ್ಸ್ ಜೀವ ಪಣಕ್ಕಿಟ್ಟು ಕೆಲಸ ಮಾಡುತ್ತಿದ್ದಾರೆ. ಕೇಂದ್ರ ಸರ್ಕಾರ 20 ಲಕ್ಷ ಕೋಟಿ ರೂ. ಪ್ಯಾಕೇಜ್ ಘೋಷಿಸಿದರೂ ಜನರಿಗೆ ತಲುಪಿಲ್ಲ ಎಂದು ಟೀಕಿಸಿದರು.
ತೆರಿಗೆ ಸಂಗ್ರಹಿಸಿ ಜನರ ಹಿತ ಕಾಪಾಡಬೇಕಿದೆ. ರೈತರು ಸಂಕಷ್ಟದಲ್ಲಿದ್ದಾರೆ. ಕೆಪಿಸಿಸಿ ವತಿಯಿಂದ ಸರ್ಕಾರದ ವಿರುದ್ಧ ಹೋರಾಟ ನಡೆಸಲಾಗುವುದು. ಕೇಂದ್ರ ಸರ್ಕಾರ 20 ಲಕ್ಷ ಕೋಟಿ ರೂ. ಪ್ಯಾಕೇಜ್‌ನಲ್ಲಿ ಬಡವರಿಗೆ ಏನೂ ನೀಡಿಲ್ಲ. ಕಾಂಗ್ರೆಸ್ ಪಕ್ಷ ಸದಾ ಜನರ ಪರ ನಿಲ್ಲಲಿದೆ ಎಂದು ಹೇಳಿದರು.
ನಿಲ್ಲಿಸಲು ಕ್ರಮ ಕೈಗೊಳ್ಳಬೇಕಿದೆ. ಸಂಸದ ಡಿ.ಕೆ.ಸುರೇಶ್ ಬಗ್ಗೆ ಅವಹೇಳನಕಾರಿ ಹೇಳಿಕೆ ನೀಡಿದ ಶಾಸಕರ ವಿರುದ್ಧ ಕ್ರಮ ಕೈಗೊಳ್ಳಬೇಕು. ಕಾಂಗ್ರೆಸ್ ಕಾರ್ಯಕರ್ತರು ಸರ್ಕಾರದ ವೈಫಲ್ಯಗಳನ್ನು ಜನರಿಗೆ ತಿಳಿಸಬೇಕು. ಬಂಡವಾಳಶಾಹಿಗಳ ಪರವಾಗಿ ಬಿಜೆಪಿ ಕೆಲಸ ಮಾಡುತ್ತಿದೆ ಎಂದು ಆರೋಪಿಸಿದರು.
ಕಾಂಗ್ರೆಸ್ ಪಕ್ಷದಿಂದ ಸಹಾಯ ಹಸ್ತ ಚಾಚಲಾಗಿದೆ. ಕೋವಿಡ್ ಸಂಕಷ್ಟದಲ್ಲಿ ಜನರ ನೆರವಿಗೆ ನಿಂತಿದ್ದೇವೆ. ಶಾಸಕ ಹೆಚ್.ಪಿ.ಮಂಜುನಾಥ್ ಮಾತನಾಡಿ, ಕ್ಷೇತ್ರದ ಅಭಿವೃದ್ಧಿಗೆ ಸರ್ಕಾರ ಅನುದಾನ ನೀಡುತ್ತಿಲ್ಲ. ಜನರ ಸಮಸ್ಯೆ ಆಲಿಸಲು ಸರ್ಕಾರ ವಿಫಲವಾಗಿದೆ ಎಂದರು. ಸುದ್ದಿಗೋಷ್ಠಿಯಲ್ಲಿ ನಗರಸಭಾಧ್ಯಕ್ಷ, ಬ್ಲಾಕ್ ಕಾಂಗ್ರೆಸ್ ಅಧ್ಯಕ್ಷರು, ಮುಖಂಡರು ಉಪಸ್ಥಿತರಿದ್ದರು.
